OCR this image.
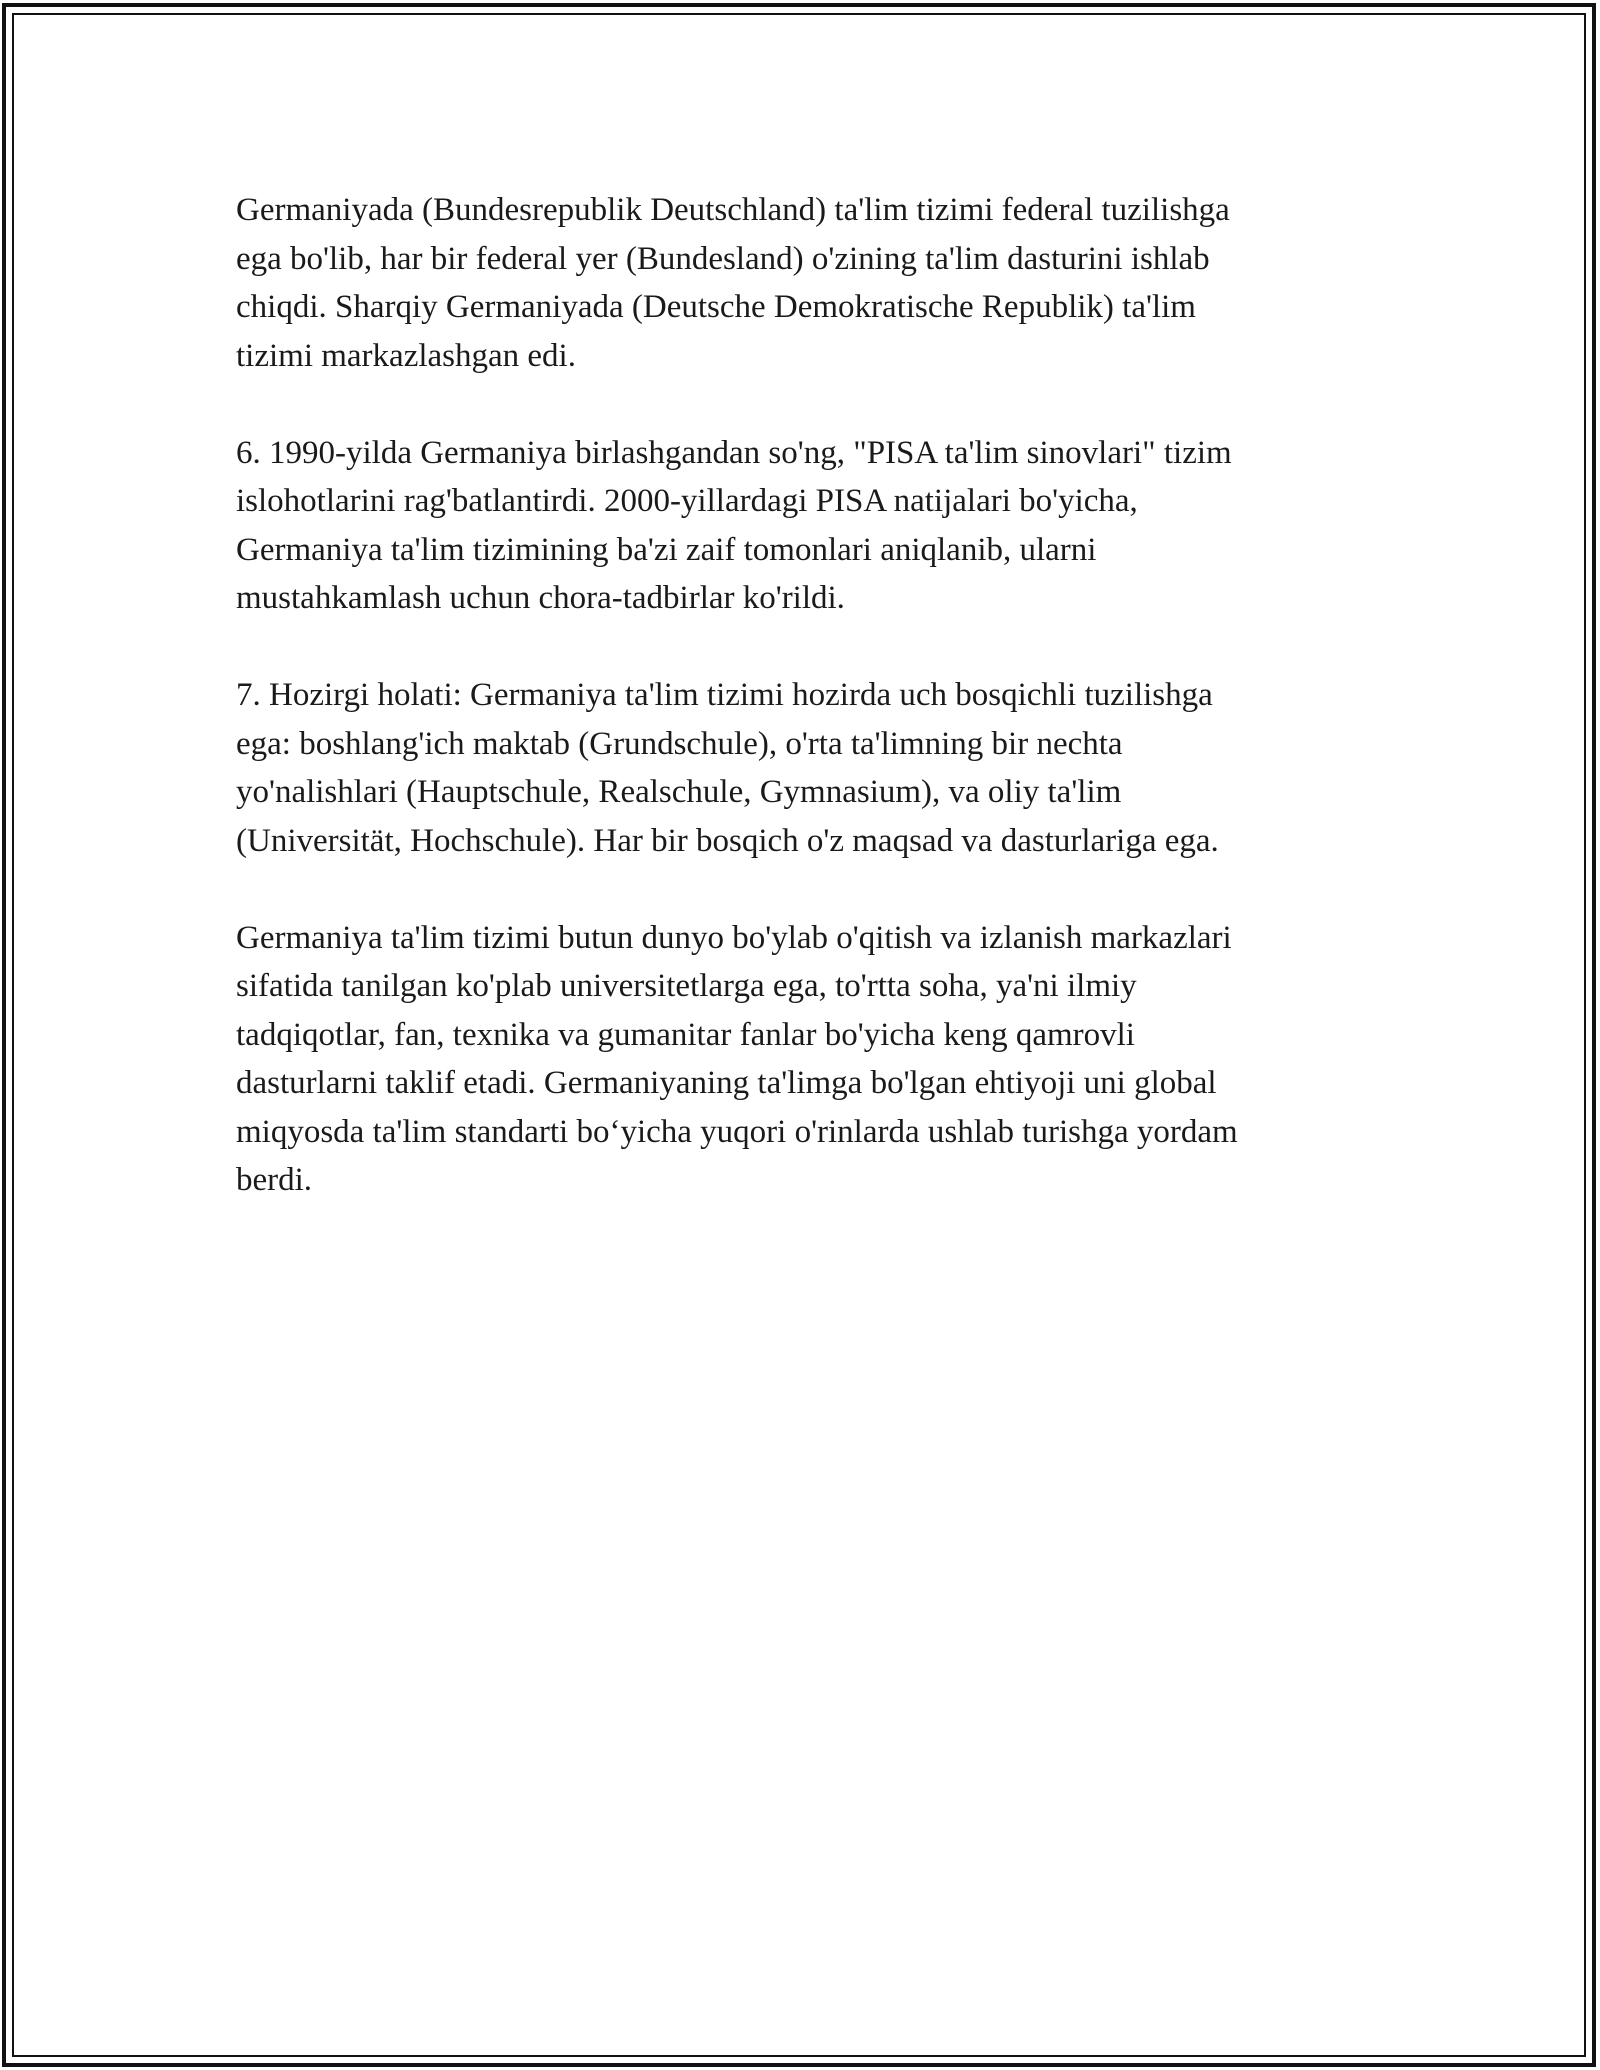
Germaniyada (Bundesrepublik Deutschland) ta'lim tizimi federal tuzilishga
ega bo'lib, har bir federal yer (Bundesland) o'zining ta'lim dasturini ishlab
chiqdi. Sharqiy Germaniyada (Deutsche Demokratische Republik) ta'lim
tizimi markazlashgan edi.

6. 1990-yilda Germaniya birlashgandan so'ng, "PISA ta'lim sinovlari" tizim
islohotlarini rag'batlantirdi. 2000-yillardagi PISA natijalari bo'yicha,
Germaniya ta'lim tizimining ba'zi zaif tomonlari aniqlanib, ularni
mustahkamlash uchun chora-tadbirlar ko'rildi.

7. Hozirgi holati: Germaniya ta'lim tizimi hozirda uch bosqichli tuzilishga
ega: boshlang'ich maktab (Grundschule), o'rta ta'limning bir nechta
yo'nalishlari (Hauptschule, Realschule, Gymnasium), va oliy ta'lim
(Universität, Hochschule). Har bir bosqich o'z maqsad va dasturlariga ega.

Germaniya ta'lim tizimi butun dunyo bo'ylab o'qitish va izlanish markazlari
sifatida tanilgan ko'plab universitetlarga ega, to'rtta soha, ya'ni ilmiy
tadqiqotlar, fan, texnika va gumanitar fanlar bo'yicha keng qamrovli
dasturlarni taklif etadi. Germaniyaning ta'limga bo'lgan ehtiyoji uni global
miqyosda ta'lim standarti bo‘yicha yuqori o'rinlarda ushlab turishga yordam
berdi.
